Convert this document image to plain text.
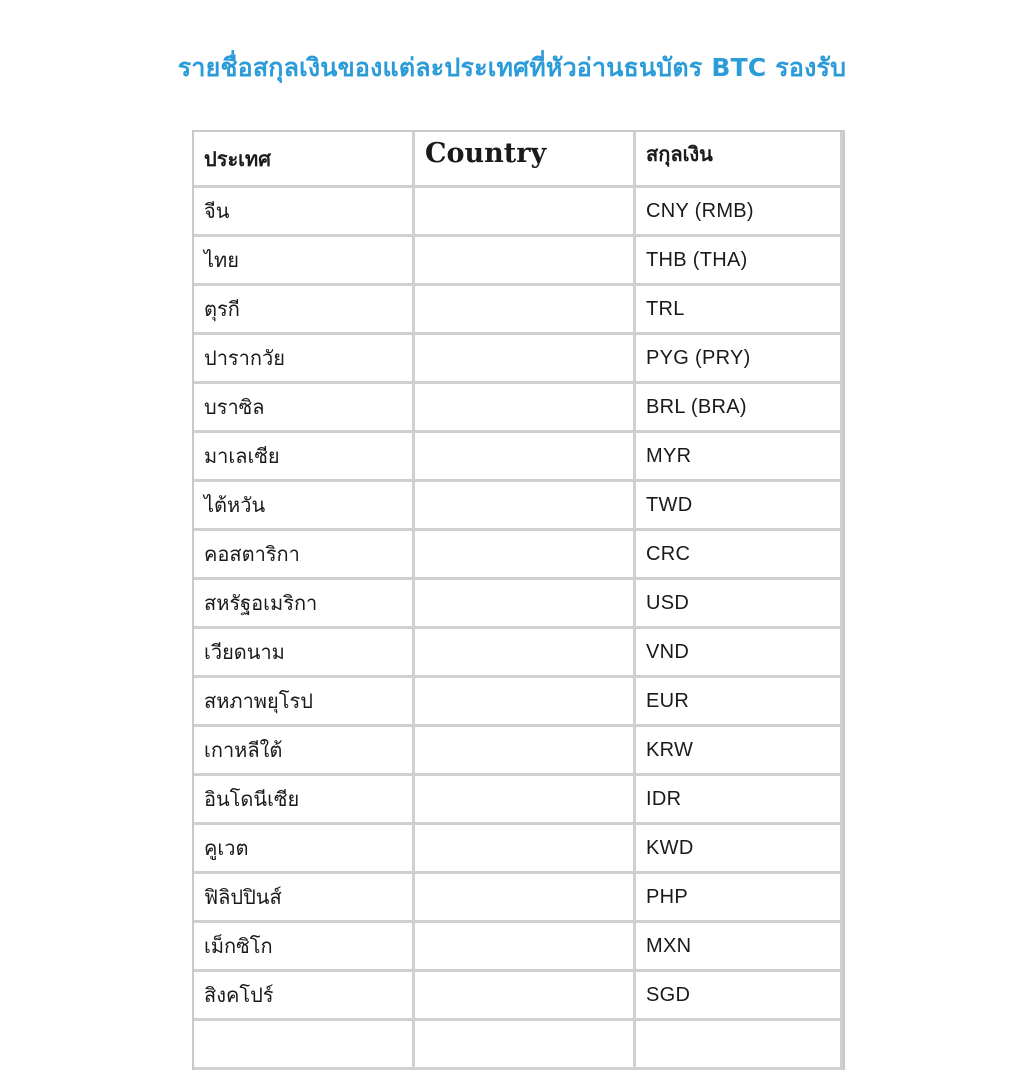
รายชื่อสกุลเงินของแต่ละประเทศที่หัวอ่านธนบัตร BTC รองรับ
ประเทศ	Country	สกุลเงิน
จีน		CNY (RMB)
ไทย		THB (THA)
ตุรกี		TRL
ปารากวัย		PYG (PRY)
บราซิล		BRL (BRA)
มาเลเซีย		MYR
ไต้หวัน		TWD
คอสตาริกา		CRC
สหรัฐอเมริกา		USD
เวียดนาม		VND
สหภาพยุโรป		EUR
เกาหลีใต้		KRW
อินโดนีเซีย		IDR
คูเวต		KWD
ฟิลิปปินส์		PHP
เม็กซิโก		MXN
สิงคโปร์		SGD
